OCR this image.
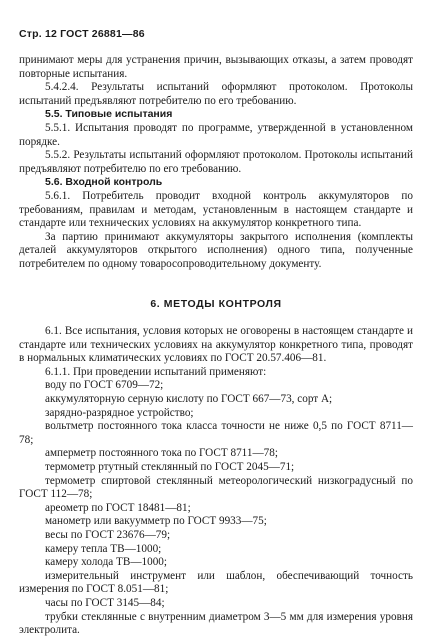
Стр. 12 ГОСТ 26881—86

принимают меры для устранения причин, вызывающих отказы, а затем проводят повторные испытания.

5.4.2.4. Результаты испытаний оформляют протоколом. Протоколы испытаний предъявляют потребителю по его требованию.

5.5. Типовые испытания

5.5.1. Испытания проводят по программе, утвержденной в установленном порядке.

5.5.2. Результаты испытаний оформляют протоколом. Протоколы испытаний предъявляют потребителю по его требованию.

5.6. Входной контроль

5.6.1. Потребитель проводит входной контроль аккумуляторов по требованиям, правилам и методам, установленным в настоящем стандарте и стандарте или технических условиях на аккумулятор конкретного типа.

За партию принимают аккумуляторы закрытого исполнения (комплекты деталей аккумуляторов открытого исполнения) одного типа, полученные потребителем по одному товаросопроводительному документу.

6. МЕТОДЫ КОНТРОЛЯ

6.1. Все испытания, условия которых не оговорены в настоящем стандарте и стандарте или технических условиях на аккумулятор конкретного типа, проводят в нормальных климатических условиях по ГОСТ 20.57.406—81.

6.1.1. При проведении испытаний применяют:

воду по ГОСТ 6709—72;

аккумуляторную серную кислоту по ГОСТ 667—73, сорт А;

зарядно-разрядное устройство;

вольтметр постоянного тока класса точности не ниже 0,5 по ГОСТ 8711—78;

амперметр постоянного тока по ГОСТ 8711—78;

термометр ртутный стеклянный по ГОСТ 2045—71;

термометр спиртовой стеклянный метеорологический низкоградусный по ГОСТ 112—78;

ареометр по ГОСТ 18481—81;

манометр или вакуумметр по ГОСТ 9933—75;

весы по ГОСТ 23676—79;

камеру тепла ТВ—1000;

камеру холода ТВ—1000;

измерительный инструмент или шаблон, обеспечивающий точность измерения по ГОСТ 8.051—81;

часы по ГОСТ 3145—84;

трубки стеклянные с внутренним диаметром 3—5 мм для измерения уровня электролита.
